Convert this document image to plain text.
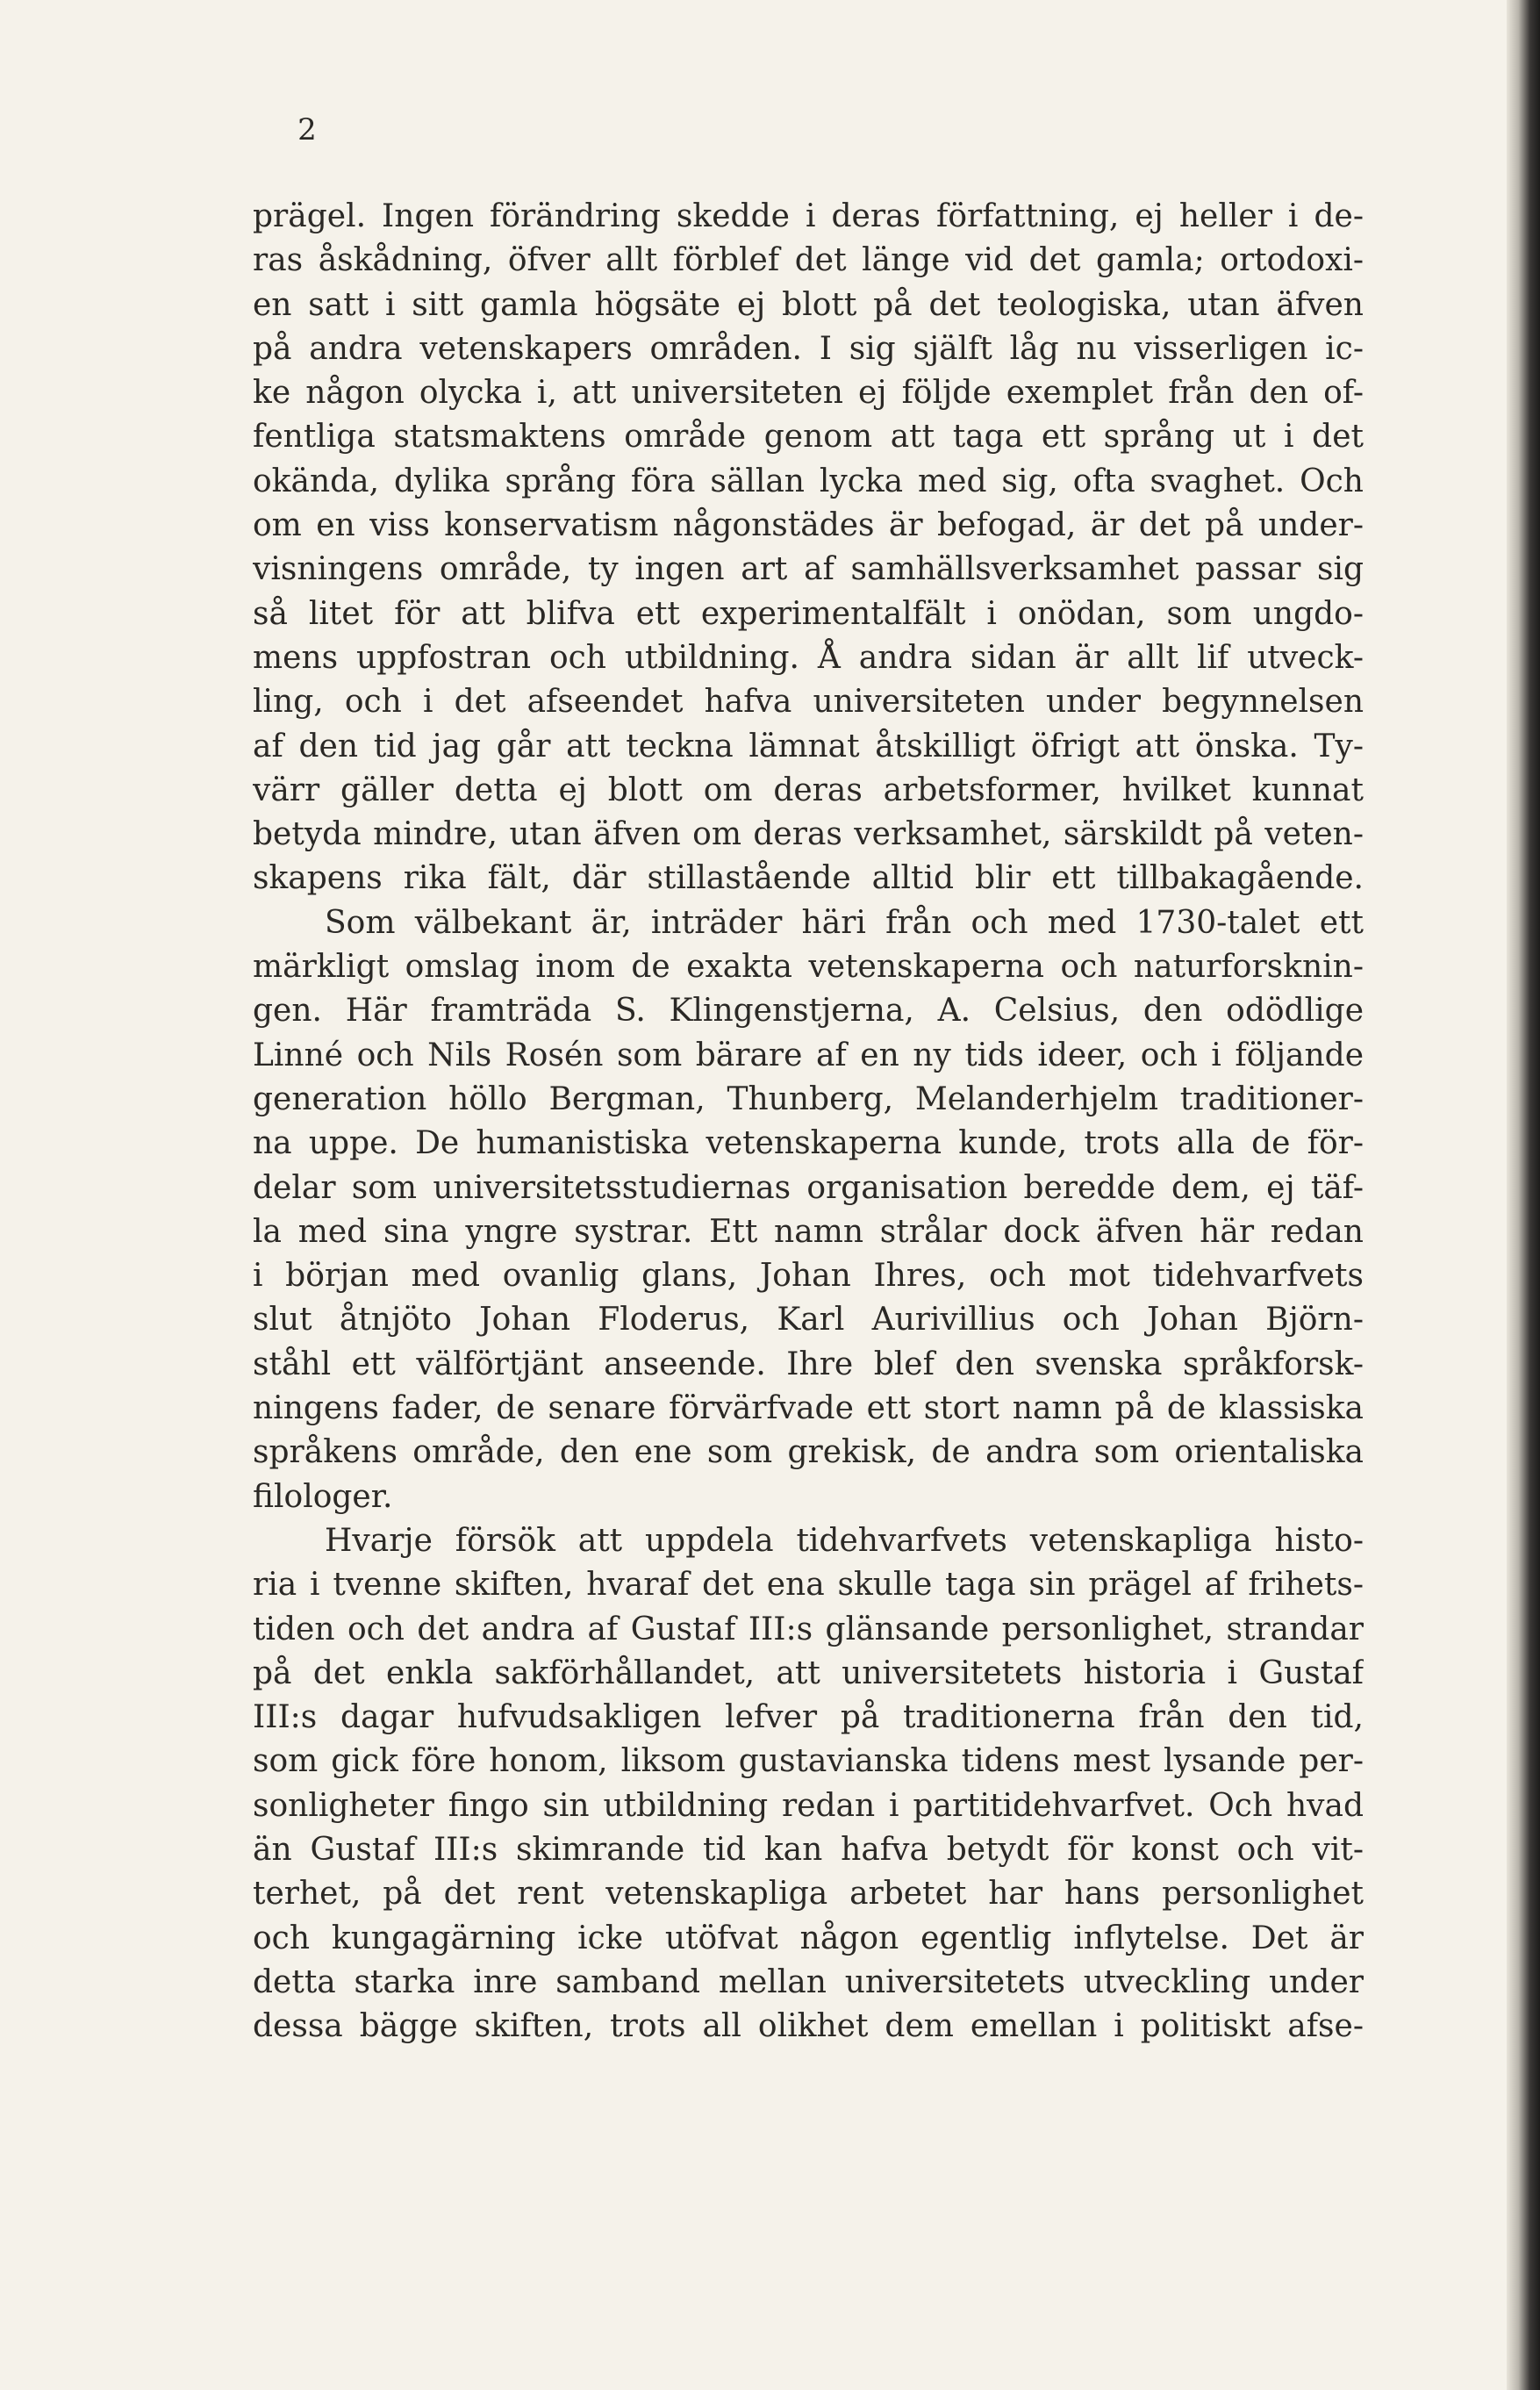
2
prägel. Ingen förändring skedde i deras författning, ej heller i de-
ras åskådning, öfver allt förblef det länge vid det gamla; ortodoxi-
en satt i sitt gamla högsäte ej blott på det teologiska, utan äfven
på andra vetenskapers områden. I sig själft låg nu visserligen ic-
ke någon olycka i, att universiteten ej följde exemplet från den of-
fentliga statsmaktens område genom att taga ett språng ut i det
okända, dylika språng föra sällan lycka med sig, ofta svaghet. Och
om en viss konservatism någonstädes är befogad, är det på under-
visningens område, ty ingen art af samhällsverksamhet passar sig
så litet för att blifva ett experimentalfält i onödan, som ungdo-
mens uppfostran och utbildning. Å andra sidan är allt lif utveck-
ling, och i det afseendet hafva universiteten under begynnelsen
af den tid jag går att teckna lämnat åtskilligt öfrigt att önska. Ty-
värr gäller detta ej blott om deras arbetsformer, hvilket kunnat
betyda mindre, utan äfven om deras verksamhet, särskildt på veten-
skapens rika fält, där stillastående alltid blir ett tillbakagående.
Som välbekant är, inträder häri från och med 1730-talet ett
märkligt omslag inom de exakta vetenskaperna och naturforsknin-
gen. Här framträda S. Klingenstjerna, A. Celsius, den odödlige
Linné och Nils Rosén som bärare af en ny tids ideer, och i följande
generation höllo Bergman, Thunberg, Melanderhjelm traditioner-
na uppe. De humanistiska vetenskaperna kunde, trots alla de för-
delar som universitetsstudiernas organisation beredde dem, ej täf-
la med sina yngre systrar. Ett namn strålar dock äfven här redan
i början med ovanlig glans, Johan Ihres, och mot tidehvarfvets
slut åtnjöto Johan Floderus, Karl Aurivillius och Johan Björn-
ståhl ett välförtjänt anseende. Ihre blef den svenska språkforsk-
ningens fader, de senare förvärfvade ett stort namn på de klassiska
språkens område, den ene som grekisk, de andra som orientaliska
filologer.
Hvarje försök att uppdela tidehvarfvets vetenskapliga histo-
ria i tvenne skiften, hvaraf det ena skulle taga sin prägel af frihets-
tiden och det andra af Gustaf III:s glänsande personlighet, strandar
på det enkla sakförhållandet, att universitetets historia i Gustaf
III:s dagar hufvudsakligen lefver på traditionerna från den tid,
som gick före honom, liksom gustavianska tidens mest lysande per-
sonligheter fingo sin utbildning redan i partitidehvarfvet. Och hvad
än Gustaf III:s skimrande tid kan hafva betydt för konst och vit-
terhet, på det rent vetenskapliga arbetet har hans personlighet
och kungagärning icke utöfvat någon egentlig inflytelse. Det är
detta starka inre samband mellan universitetets utveckling under
dessa bägge skiften, trots all olikhet dem emellan i politiskt afse-
